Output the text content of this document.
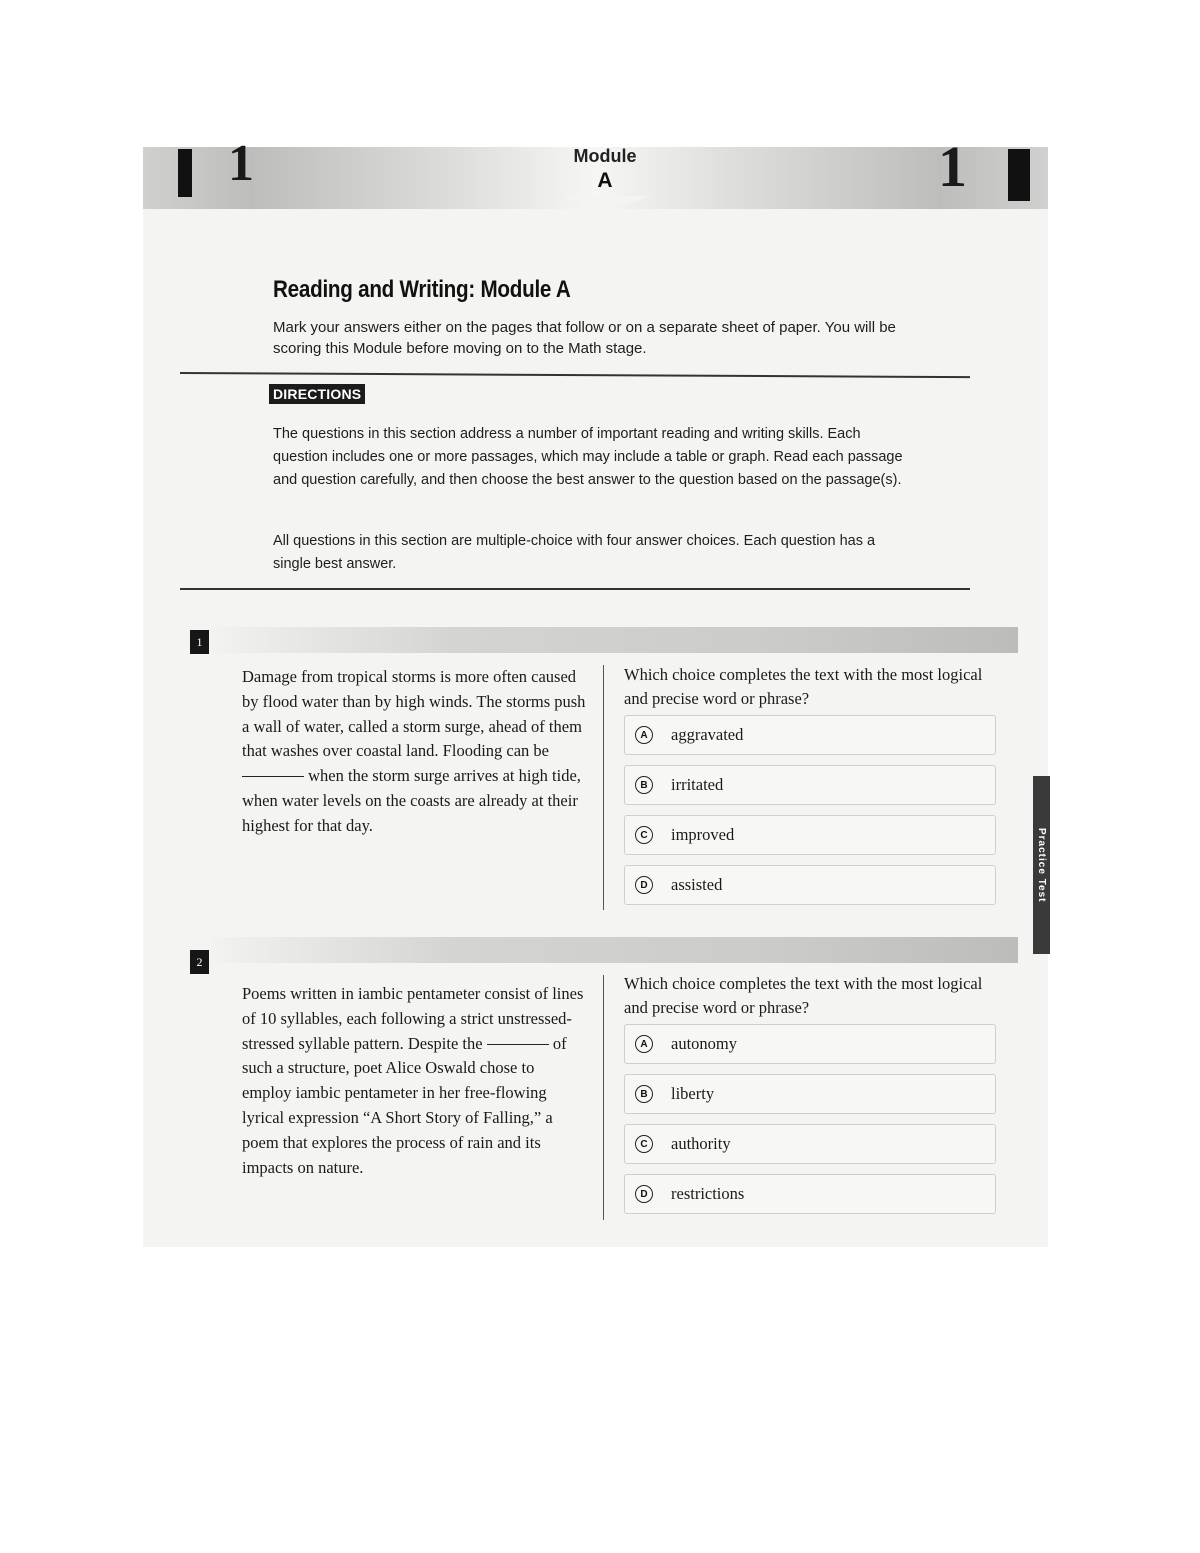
1	1
Module
A
Reading and Writing: Module A
Mark your answers either on the pages that follow or on a separate sheet of paper. You will be scoring this Module before moving on to the Math stage.
DIRECTIONS
The questions in this section address a number of important reading and writing skills. Each question includes one or more passages, which may include a table or graph. Read each passage and question carefully, and then choose the best answer to the question based on the passage(s).
All questions in this section are multiple-choice with four answer choices. Each question has a single best answer.
1
Damage from tropical storms is more often caused by flood water than by high winds. The storms push a wall of water, called a storm surge, ahead of them that washes over coastal land. Flooding can be  when the storm surge arrives at high tide, when water levels on the coasts are already at their highest for that day.
Which choice completes the text with the most logical and precise word or phrase?
A	aggravated
B	irritated
C	improved
D	assisted
2
Poems written in iambic pentameter consist of lines of 10 syllables, each following a strict unstressed-stressed syllable pattern. Despite the	of such a structure, poet Alice Oswald chose to employ iambic pentameter in her free-flowing lyrical expression “A Short Story of Falling,” a poem that explores the process of rain and its impacts on nature.
Which choice completes the text with the most logical and precise word or phrase?
A	autonomy
B	liberty
C	authority
D	restrictions
Practice Test
